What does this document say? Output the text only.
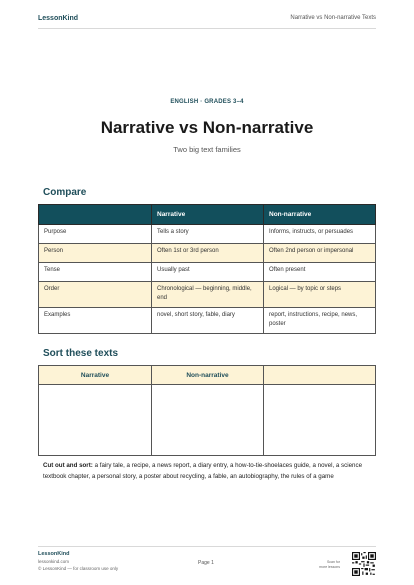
LessonKind	Narrative vs Non-narrative Texts
ENGLISH · GRADES 3–4
Narrative vs Non-narrative
Two big text families
Compare
	Narrative	Non-narrative
Purpose	Tells a story	Informs, instructs, or persuades
Person	Often 1st or 3rd person	Often 2nd person or impersonal
Tense	Usually past	Often present
Order	Chronological — beginning, middle, end	Logical — by topic or steps
Examples	novel, short story, fable, diary	report, instructions, recipe, news, poster
Sort these texts
Narrative	Non-narrative	

Cut out and sort: a fairy tale, a recipe, a news report, a diary entry, a how-to-tie-shoelaces guide, a novel, a science textbook chapter, a personal story, a poster about recycling, a fable, an autobiography, the rules of a game
LessonKind
lessonkind.com
© LessonKind — for classroom use only
Page 1	Scan for
more lessons
